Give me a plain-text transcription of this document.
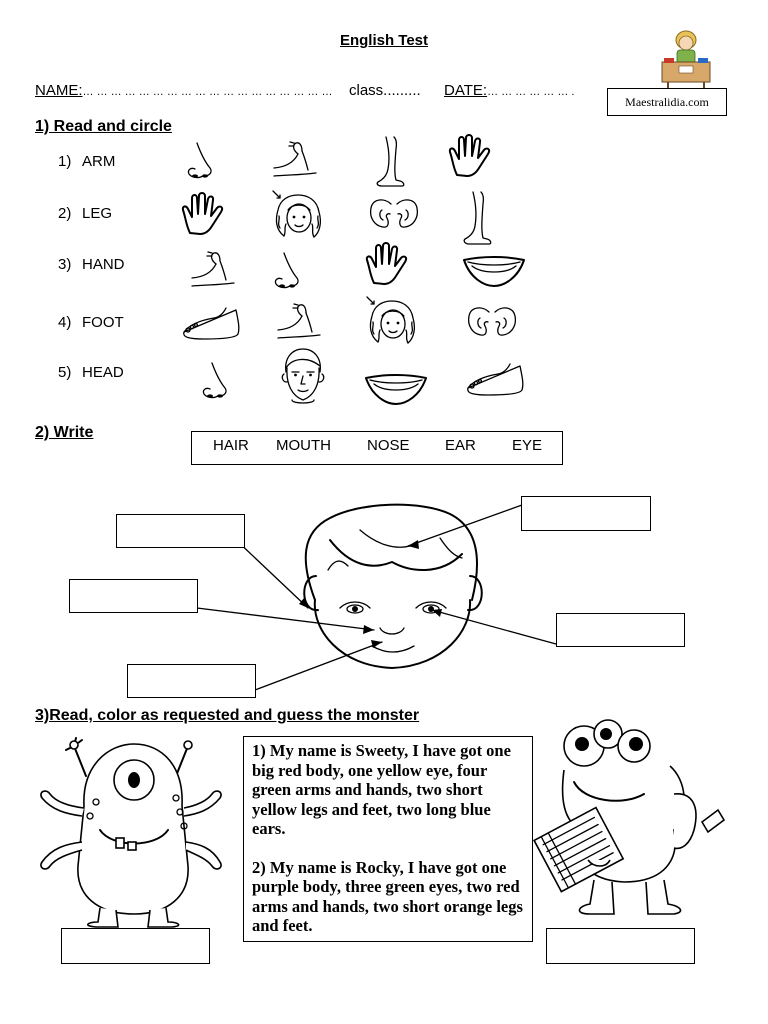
English Test
NAME:… … … … … … … … … … … … … … … … … … class......... DATE:… … … … … … .
Maestralidia.com
1) Read and circle
1) ARM
2) LEG
3) HAND
4) FOOT
5) HEAD
2) Write
HAIR MOUTH NOSE EAR EYE
3)Read, color as requested and guess the monster

1) My name is Sweety, I have got one big red body, one yellow eye, four green arms and hands, two short yellow legs and feet, two long blue ears.

2) My name is Rocky, I have got one purple body, three green eyes, two red arms and hands, two short orange legs and feet.
